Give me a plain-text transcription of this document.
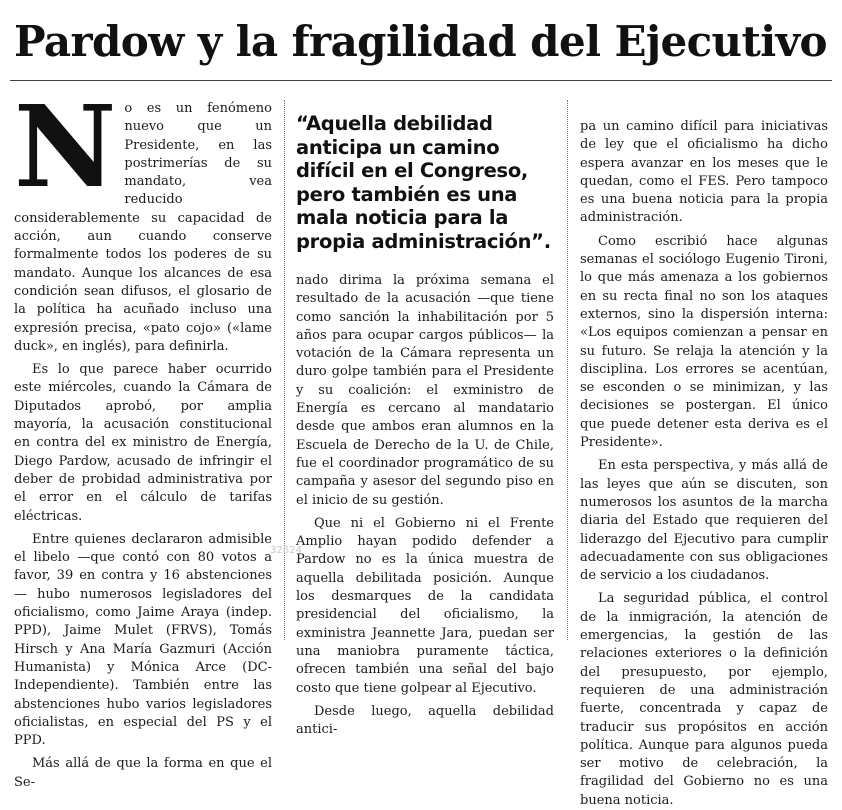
Pardow y la fragilidad del Ejecutivo

N o es un fenómeno nuevo que un Presidente, en las postrimerías de su mandato, vea reducido considerablemente su capacidad de acción, aun cuando conserve formalmente todos los poderes de su mandato. Aunque los alcances de esa condición sean difusos, el glosario de la política ha acuñado incluso una expresión precisa, «pato cojo» («lame duck», en inglés), para definirla.

Es lo que parece haber ocurrido este miércoles, cuando la Cámara de Diputados aprobó, por amplia mayoría, la acusación constitucional en contra del ex ministro de Energía, Diego Pardow, acusado de infringir el deber de probidad administrativa por el error en el cálculo de tarifas eléctricas.

Entre quienes declararon admisible el libelo —que contó con 80 votos a favor, 39 en contra y 16 abstenciones— hubo numerosos legisladores del oficialismo, como Jaime Araya (indep. PPD), Jaime Mulet (FRVS), Tomás Hirsch y Ana María Gazmuri (Acción Humanista) y Mónica Arce (DC-Independiente). También entre las abstenciones hubo varios legisladores oficialistas, en especial del PS y el PPD.

Más allá de que la forma en que el Se-

“Aquella debilidad anticipa un camino difícil en el Congreso, pero también es una mala noticia para la propia administración”.

nado dirima la próxima semana el resultado de la acusación —que tiene como sanción la inhabilitación por 5 años para ocupar cargos públicos— la votación de la Cámara representa un duro golpe también para el Presidente y su coalición: el exministro de Energía es cercano al mandatario desde que ambos eran alumnos en la Escuela de Derecho de la U. de Chile, fue el coordinador programático de su campaña y asesor del segundo piso en el inicio de su gestión.

Que ni el Gobierno ni el Frente Amplio hayan podido defender a Pardow no es la única muestra de aquella debilitada posición. Aunque los desmarques de la candidata presidencial del oficialismo, la exministra Jeannette Jara, puedan ser una maniobra puramente táctica, ofrecen también una señal del bajo costo que tiene golpear al Ejecutivo.

Desde luego, aquella debilidad antici-

pa un camino difícil para iniciativas de ley que el oficialismo ha dicho espera avanzar en los meses que le quedan, como el FES. Pero tampoco es una buena noticia para la propia administración.

Como escribió hace algunas semanas el sociólogo Eugenio Tironi, lo que más amenaza a los gobiernos en su recta final no son los ataques externos, sino la dispersión interna: «Los equipos comienzan a pensar en su futuro. Se relaja la atención y la disciplina. Los errores se acentúan, se esconden o se minimizan, y las decisiones se postergan. El único que puede detener esta deriva es el Presidente».

En esta perspectiva, y más allá de las leyes que aún se discuten, son numerosos los asuntos de la marcha diaria del Estado que requieren del liderazgo del Ejecutivo para cumplir adecuadamente con sus obligaciones de servicio a los ciudadanos.

La seguridad pública, el control de la inmigración, la atención de emergencias, la gestión de las relaciones exteriores o la definición del presupuesto, por ejemplo, requieren de una administración fuerte, concentrada y capaz de traducir sus propósitos en acción política. Aunque para algunos pueda ser motivo de celebración, la fragilidad del Gobierno no es una buena noticia.

32624
